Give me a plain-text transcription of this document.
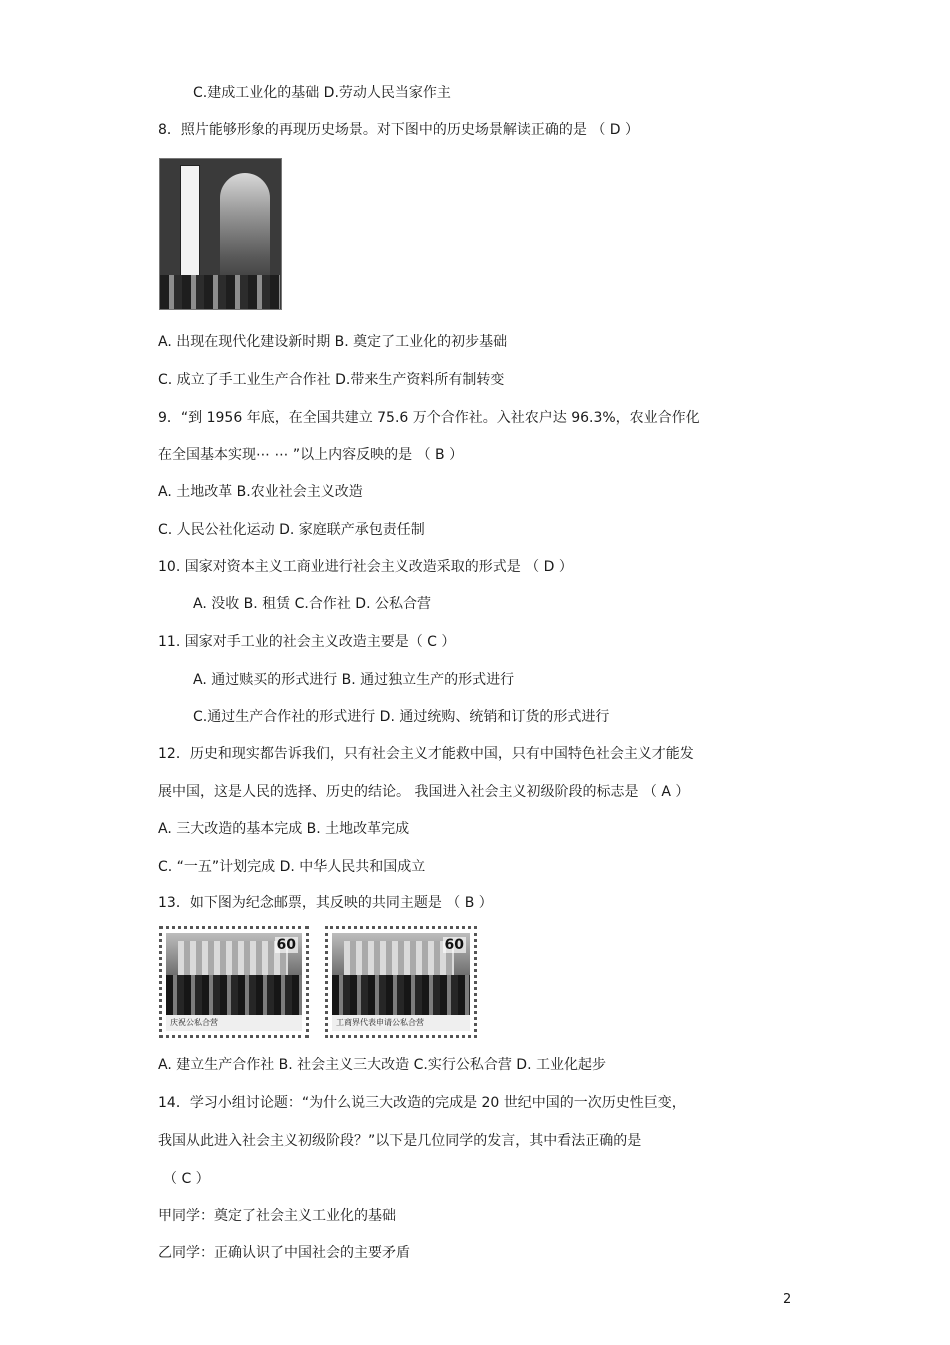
C.建成工业化的基础 D.劳动人民当家作主
8．照片能够形象的再现历史场景。对下图中的历史场景解读正确的是 （ D ）
A. 出现在现代化建设新时期 B. 奠定了工业化的初步基础
C. 成立了手工业生产合作社 D.带来生产资料所有制转变
9．“到 1956 年底，在全国共建立 75.6 万个合作社。入社农户达 96.3%，农业合作化
在全国基本实现⋯ ⋯ ”以上内容反映的是 （ B ）
A. 土地改革 B.农业社会主义改造
C. 人民公社化运动 D. 家庭联产承包责任制
10. 国家对资本主义工商业进行社会主义改造采取的形式是 （ D ）
A. 没收 B. 租赁 C.合作社 D. 公私合营
11. 国家对手工业的社会主义改造主要是（ C ）
A. 通过赎买的形式进行 B. 通过独立生产的形式进行
C.通过生产合作社的形式进行 D. 通过统购、统销和订货的形式进行
12．历史和现实都告诉我们，只有社会主义才能救中国，只有中国特色社会主义才能发
展中国，这是人民的选择、历史的结论。 我国进入社会主义初级阶段的标志是 （ A ）
A. 三大改造的基本完成 B. 土地改革完成
C. “一五”计划完成 D. 中华人民共和国成立
13．如下图为纪念邮票，其反映的共同主题是 （ B ）
60
庆祝公私合营
60
工商界代表申请公私合营
A. 建立生产合作社 B. 社会主义三大改造 C.实行公私合营 D. 工业化起步
14．学习小组讨论题：“为什么说三大改造的完成是 20 世纪中国的一次历史性巨变，
我国从此进入社会主义初级阶段？”以下是几位同学的发言，其中看法正确的是
（ C ）
甲同学：奠定了社会主义工业化的基础
乙同学：正确认识了中国社会的主要矛盾
2
